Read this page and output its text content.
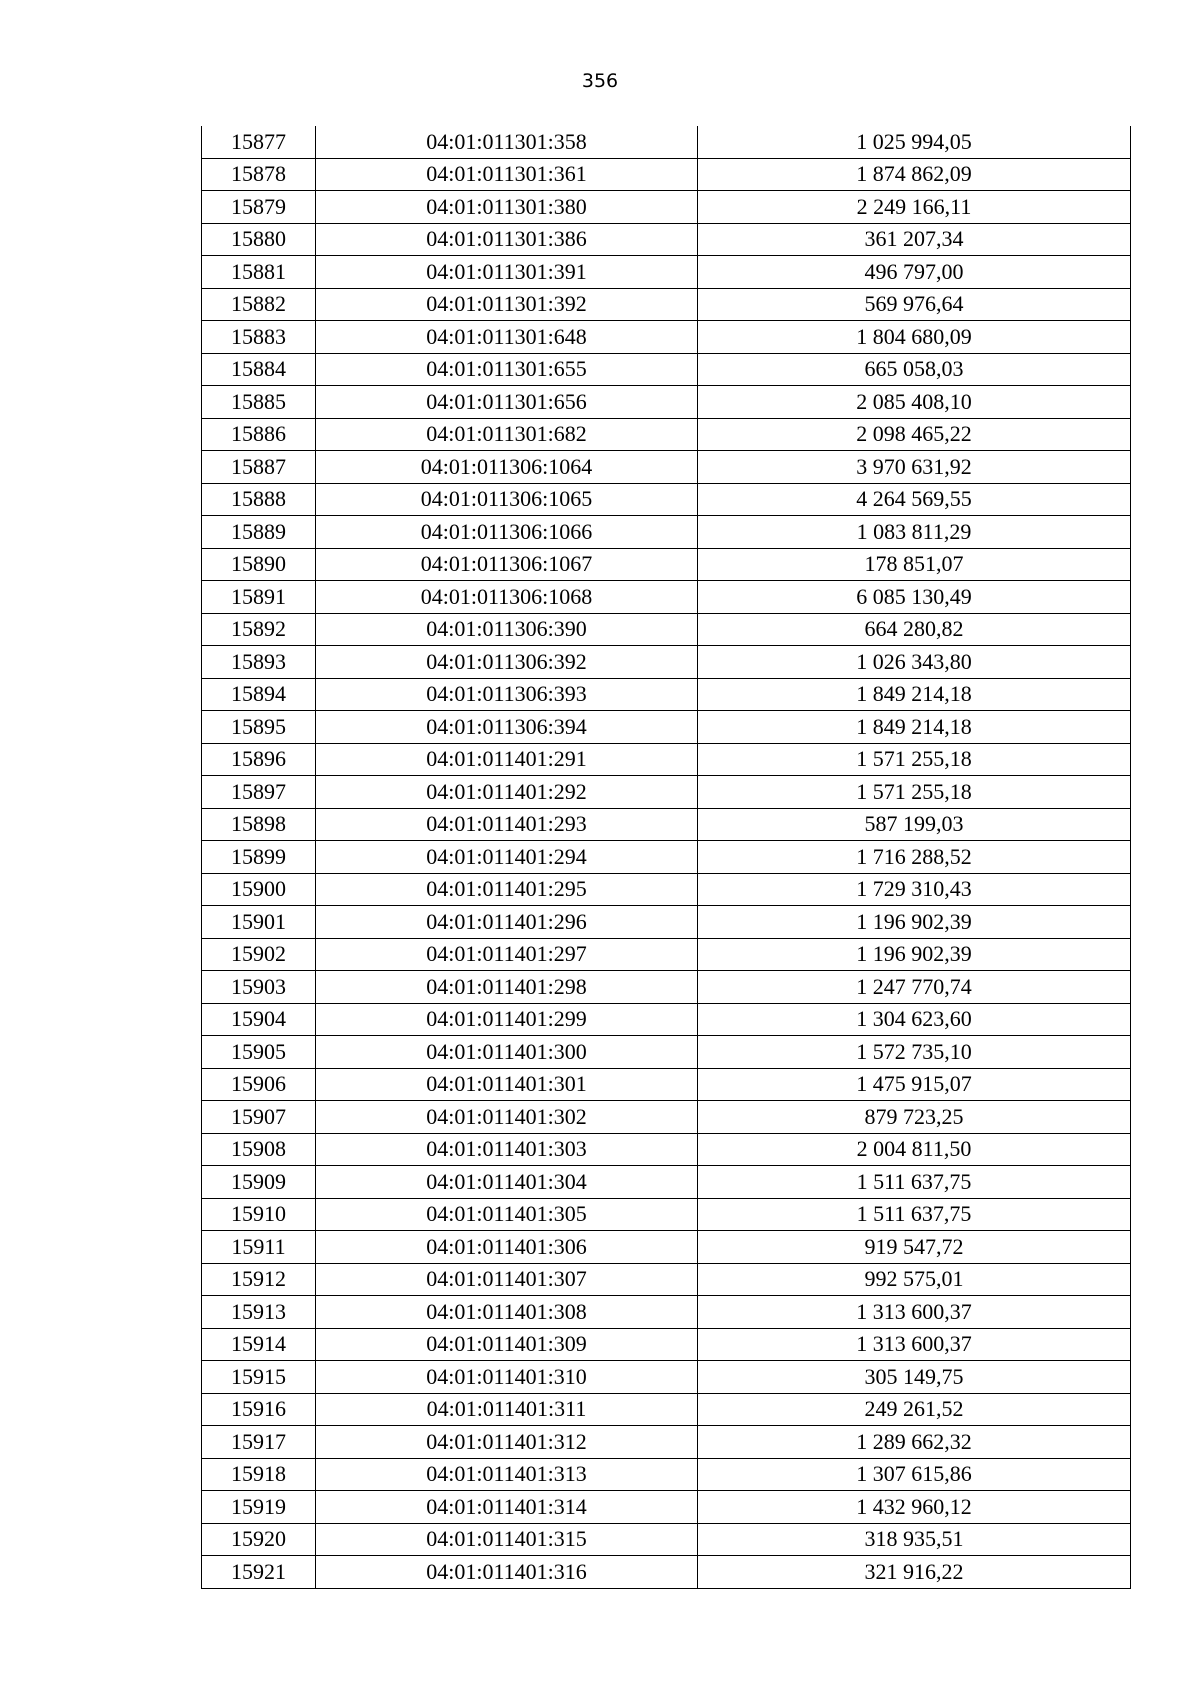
356
15877	04:01:011301:358	1 025 994,05
15878	04:01:011301:361	1 874 862,09
15879	04:01:011301:380	2 249 166,11
15880	04:01:011301:386	361 207,34
15881	04:01:011301:391	496 797,00
15882	04:01:011301:392	569 976,64
15883	04:01:011301:648	1 804 680,09
15884	04:01:011301:655	665 058,03
15885	04:01:011301:656	2 085 408,10
15886	04:01:011301:682	2 098 465,22
15887	04:01:011306:1064	3 970 631,92
15888	04:01:011306:1065	4 264 569,55
15889	04:01:011306:1066	1 083 811,29
15890	04:01:011306:1067	178 851,07
15891	04:01:011306:1068	6 085 130,49
15892	04:01:011306:390	664 280,82
15893	04:01:011306:392	1 026 343,80
15894	04:01:011306:393	1 849 214,18
15895	04:01:011306:394	1 849 214,18
15896	04:01:011401:291	1 571 255,18
15897	04:01:011401:292	1 571 255,18
15898	04:01:011401:293	587 199,03
15899	04:01:011401:294	1 716 288,52
15900	04:01:011401:295	1 729 310,43
15901	04:01:011401:296	1 196 902,39
15902	04:01:011401:297	1 196 902,39
15903	04:01:011401:298	1 247 770,74
15904	04:01:011401:299	1 304 623,60
15905	04:01:011401:300	1 572 735,10
15906	04:01:011401:301	1 475 915,07
15907	04:01:011401:302	879 723,25
15908	04:01:011401:303	2 004 811,50
15909	04:01:011401:304	1 511 637,75
15910	04:01:011401:305	1 511 637,75
15911	04:01:011401:306	919 547,72
15912	04:01:011401:307	992 575,01
15913	04:01:011401:308	1 313 600,37
15914	04:01:011401:309	1 313 600,37
15915	04:01:011401:310	305 149,75
15916	04:01:011401:311	249 261,52
15917	04:01:011401:312	1 289 662,32
15918	04:01:011401:313	1 307 615,86
15919	04:01:011401:314	1 432 960,12
15920	04:01:011401:315	318 935,51
15921	04:01:011401:316	321 916,22
